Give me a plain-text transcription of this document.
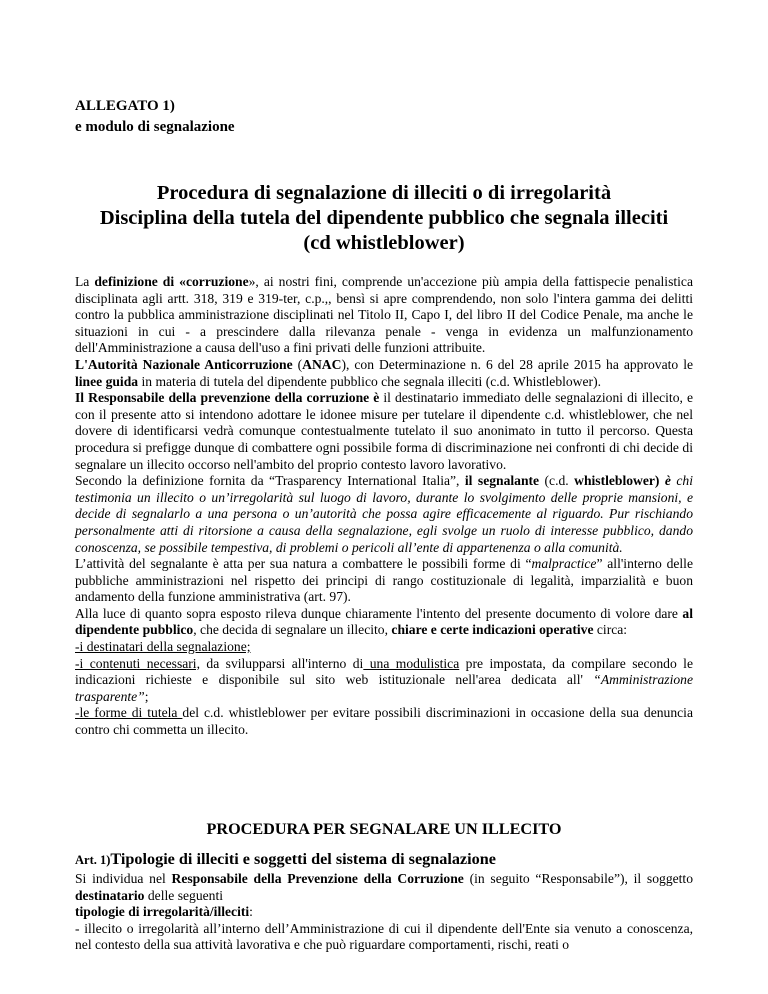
ALLEGATO 1)
e modulo di segnalazione
Procedura di segnalazione di illeciti o di irregolarità
Disciplina della tutela del dipendente pubblico che segnala illeciti
(cd whistleblower)

La definizione di «corruzione», ai nostri fini, comprende un'accezione più ampia della fattispecie penalistica disciplinata agli artt. 318, 319 e 319-ter, c.p.,, bensì si apre comprendendo, non solo l'intera gamma dei delitti contro la pubblica amministrazione disciplinati nel Titolo II, Capo I, del libro II del Codice Penale, ma anche le situazioni in cui - a prescindere dalla rilevanza penale - venga in evidenza un malfunzionamento dell'Amministrazione a causa dell'uso a fini privati delle funzioni attribuite.

L'Autorità Nazionale Anticorruzione (ANAC), con Determinazione n. 6 del 28 aprile 2015 ha approvato le linee guida in materia di tutela del dipendente pubblico che segnala illeciti (c.d. Whistleblower).

Il Responsabile della prevenzione della corruzione è il destinatario immediato delle segnalazioni di illecito, e con il presente atto si intendono adottare le idonee misure per tutelare il dipendente c.d. whistleblower, che nel dovere di identificarsi vedrà comunque contestualmente tutelato il suo anonimato in tutto il percorso. Questa procedura si prefigge dunque di combattere ogni possibile forma di discriminazione nei confronti di chi decide di segnalare un illecito occorso nell'ambito del proprio contesto lavoro lavorativo.

Secondo la definizione fornita da “Trasparency International Italia”, il segnalante (c.d. whistleblower) è chi testimonia un illecito o un’irregolarità sul luogo di lavoro, durante lo svolgimento delle proprie mansioni, e decide di segnalarlo a una persona o un’autorità che possa agire efficacemente al riguardo. Pur rischiando personalmente atti di ritorsione a causa della segnalazione, egli svolge un ruolo di interesse pubblico, dando conoscenza, se possibile tempestiva, di problemi o pericoli all’ente di appartenenza o alla comunità.

L’attività del segnalante è atta per sua natura a combattere le possibili forme di “malpractice” all'interno delle pubbliche amministrazioni nel rispetto dei principi di rango costituzionale di legalità, imparzialità e buon andamento della funzione amministrativa (art. 97).

Alla luce di quanto sopra esposto rileva dunque chiaramente l'intento del presente documento di volore dare al dipendente pubblico, che decida di segnalare un illecito, chiare e certe indicazioni operative circa:

-i destinatari della segnalazione;

-i contenuti necessari, da svilupparsi all'interno di una modulistica pre impostata, da compilare secondo le indicazioni richieste e disponibile sul sito web istituzionale nell'area dedicata all' “Amministrazione trasparente”;

-le forme di tutela del c.d. whistleblower per evitare possibili discriminazioni in occasione della sua denuncia contro chi commetta un illecito.

PROCEDURA PER SEGNALARE UN ILLECITO
Art. 1)Tipologie di illeciti e soggetti del sistema di segnalazione

Si individua nel Responsabile della Prevenzione della Corruzione (in seguito “Responsabile”), il soggetto destinatario delle seguenti

tipologie di irregolarità/illeciti:

- illecito o irregolarità all’interno dell’Amministrazione di cui il dipendente dell'Ente sia venuto a conoscenza, nel contesto della sua attività lavorativa e che può riguardare comportamenti, rischi, reati o
